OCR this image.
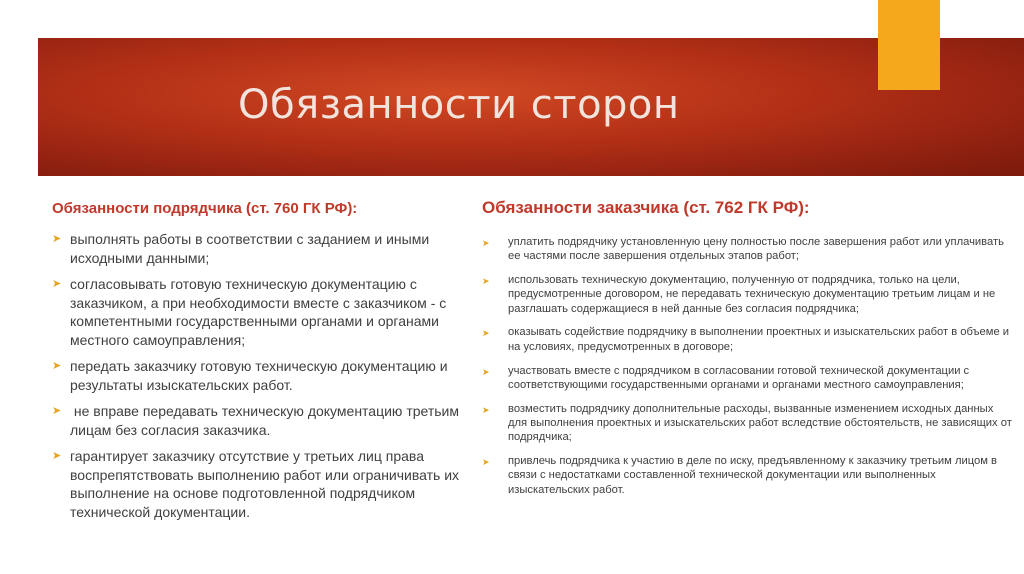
Обязанности сторон

Обязанности подрядчика (ст. 760 ГК РФ):

➤ выполнять работы в соответствии с заданием и иными исходными данными;
➤ согласовывать готовую техническую документацию с заказчиком, а при необходимости вместе с заказчиком - с компетентными государственными органами и органами местного самоуправления;
➤ передать заказчику готовую техническую документацию и результаты изыскательских работ.
➤ не вправе передавать техническую документацию третьим лицам без согласия заказчика.
➤ гарантирует заказчику отсутствие у третьих лиц права воспрепятствовать выполнению работ или ограничивать их выполнение на основе подготовленной подрядчиком технической документации.

Обязанности заказчика (ст. 762 ГК РФ):

➤ уплатить подрядчику установленную цену полностью после завершения работ или уплачивать ее частями после завершения отдельных этапов работ;
➤ использовать техническую документацию, полученную от подрядчика, только на цели, предусмотренные договором, не передавать техническую документацию третьим лицам и не разглашать содержащиеся в ней данные без согласия подрядчика;
➤ оказывать содействие подрядчику в выполнении проектных и изыскательских работ в объеме и на условиях, предусмотренных в договоре;
➤ участвовать вместе с подрядчиком в согласовании готовой технической документации с соответствующими государственными органами и органами местного самоуправления;
➤ возместить подрядчику дополнительные расходы, вызванные изменением исходных данных для выполнения проектных и изыскательских работ вследствие обстоятельств, не зависящих от подрядчика;
➤ привлечь подрядчика к участию в деле по иску, предъявленному к заказчику третьим лицом в связи с недостатками составленной технической документации или выполненных изыскательских работ.
